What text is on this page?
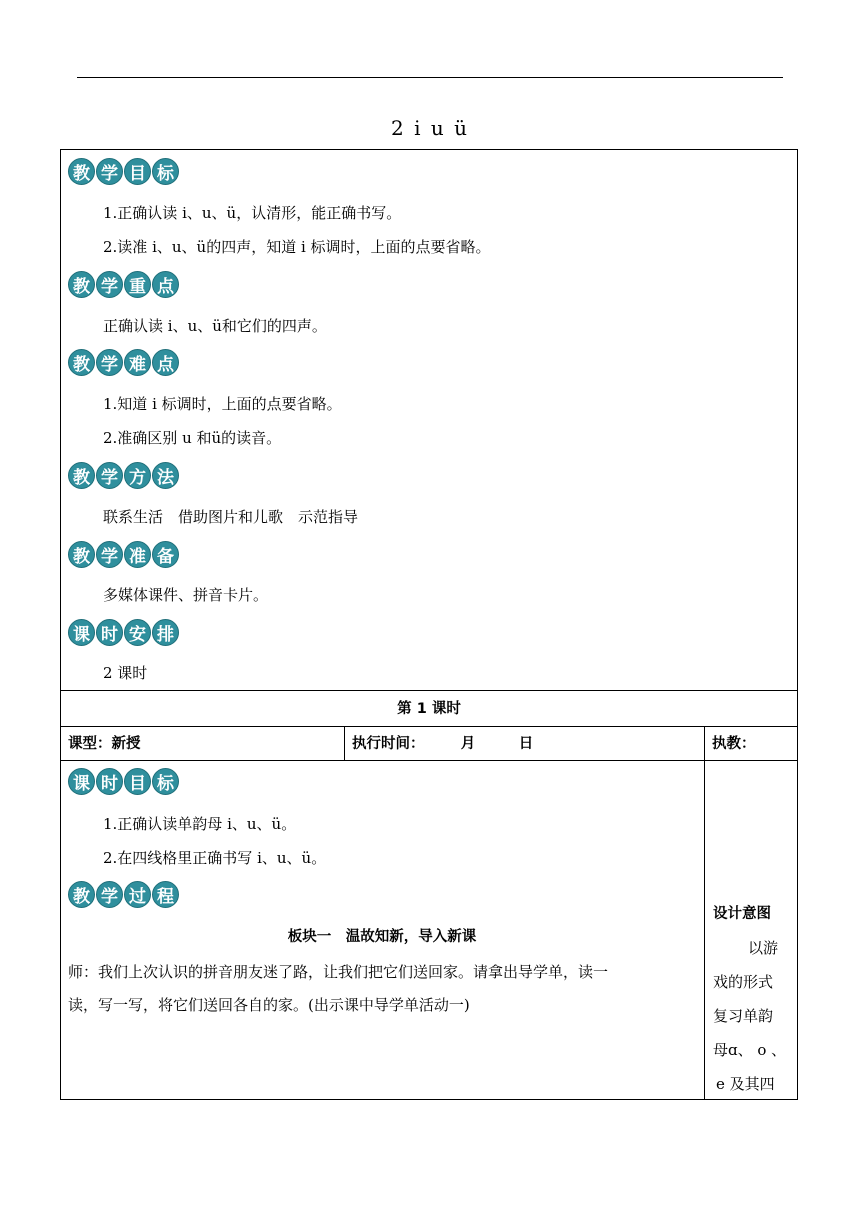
2 i u ü
教 学 目 标
1.正确认读 i、u、ü，认清形，能正确书写。
2.读准 i、u、ü的四声，知道 i 标调时，上面的点要省略。
教 学 重 点
正确认读 i、u、ü和它们的四声。
教 学 难 点
1.知道 i 标调时，上面的点要省略。
2.准确区别 u 和ü的读音。
教 学 方 法
联系生活　借助图片和儿歌　示范指导
教 学 准 备
多媒体课件、拼音卡片。
课 时 安 排
2 课时
第 1 课时
课型：新授	执行时间：　　　月　　　日	执教：
课 时 目 标
1.正确认读单韵母 i、u、ü。
2.在四线格里正确书写 i、u、ü。
教 学 过 程
板块一　温故知新，导入新课
师：我们上次认识的拼音朋友迷了路，让我们把它们送回家。请拿出导学单，读一
读，写一写，将它们送回各自的家。(出示课中导学单活动一)
设计意图
以游
戏的形式
复习单韵
母ɑ、 o 、
e 及其四
